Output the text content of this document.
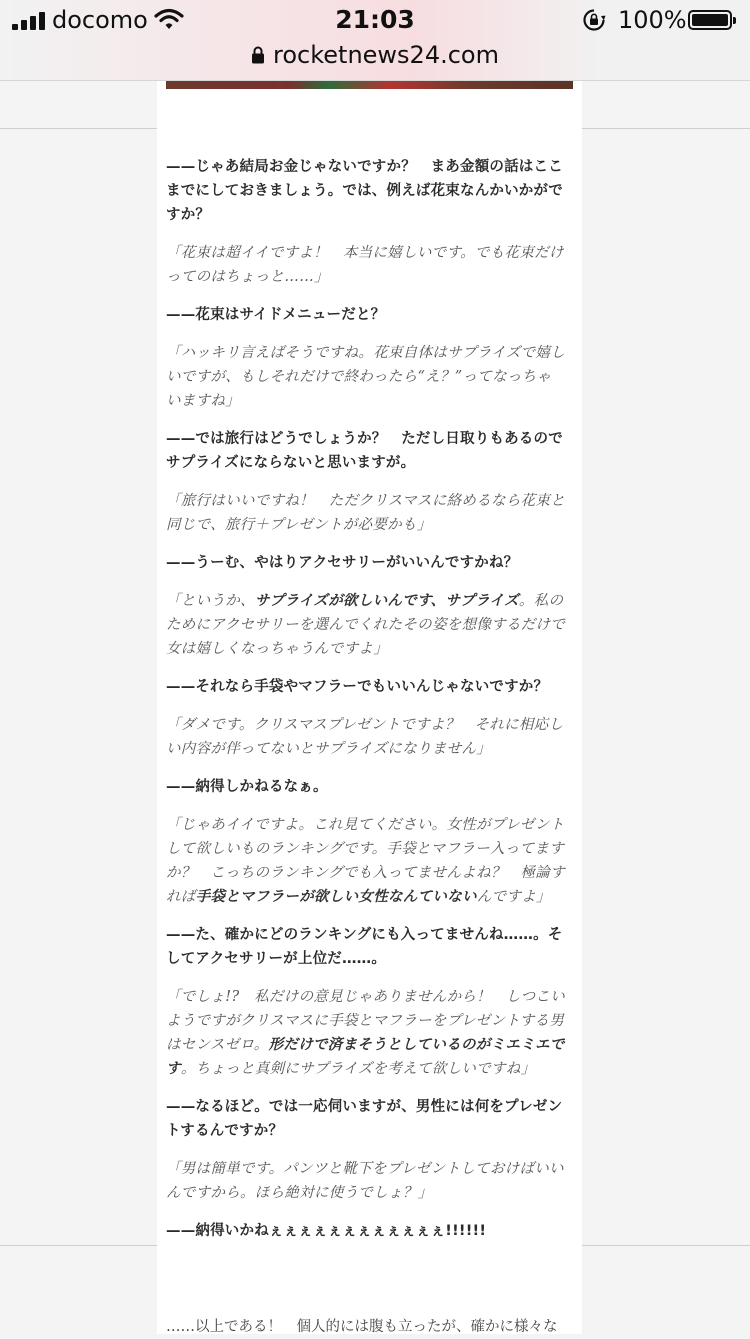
docomo	21:03	100%
rocketnews24.com

——じゃあ結局お金じゃないですか？　まあ金額の話はここまでにしておきましょう。では、例えば花束なんかいかがですか？

「花束は超イイですよ！　本当に嬉しいです。でも花束だけってのはちょっと……」

——花束はサイドメニューだと？

「ハッキリ言えばそうですね。花束自体はサプライズで嬉しいですが、もしそれだけで終わったら“え？”ってなっちゃいますね」

——では旅行はどうでしょうか？　ただし日取りもあるのでサプライズにならないと思いますが。

「旅行はいいですね！　ただクリスマスに絡めるなら花束と同じで、旅行＋プレゼントが必要かも」

——うーむ、やはりアクセサリーがいいんですかね？

「というか、サプライズが欲しいんです、サプライズ。私のためにアクセサリーを選んでくれたその姿を想像するだけで女は嬉しくなっちゃうんですよ」

——それなら手袋やマフラーでもいいんじゃないですか？

「ダメです。クリスマスプレゼントですよ？　それに相応しい内容が伴ってないとサプライズになりません」

——納得しかねるなぁ。

「じゃあイイですよ。これ見てください。女性がプレゼントして欲しいものランキングです。手袋とマフラー入ってますか？　こっちのランキングでも入ってませんよね？　極論すれば手袋とマフラーが欲しい女性なんていないんですよ」

——た、確かにどのランキングにも入ってませんね……。そしてアクセサリーが上位だ……。

「でしょ!?　私だけの意見じゃありませんから！　しつこいようですがクリスマスに手袋とマフラーをプレゼントする男はセンスゼロ。形だけで済まそうとしているのがミエミエです。ちょっと真剣にサプライズを考えて欲しいですね」

——なるほど。では一応伺いますが、男性には何をプレゼントするんですか？

「男は簡単です。パンツと靴下をプレゼントしておけばいいんですから。ほら絶対に使うでしょ？」

——納得いかねぇぇぇぇぇぇぇぇぇぇぇぇ!!!!!!

……以上である！　個人的には腹も立ったが、確かに様々な
